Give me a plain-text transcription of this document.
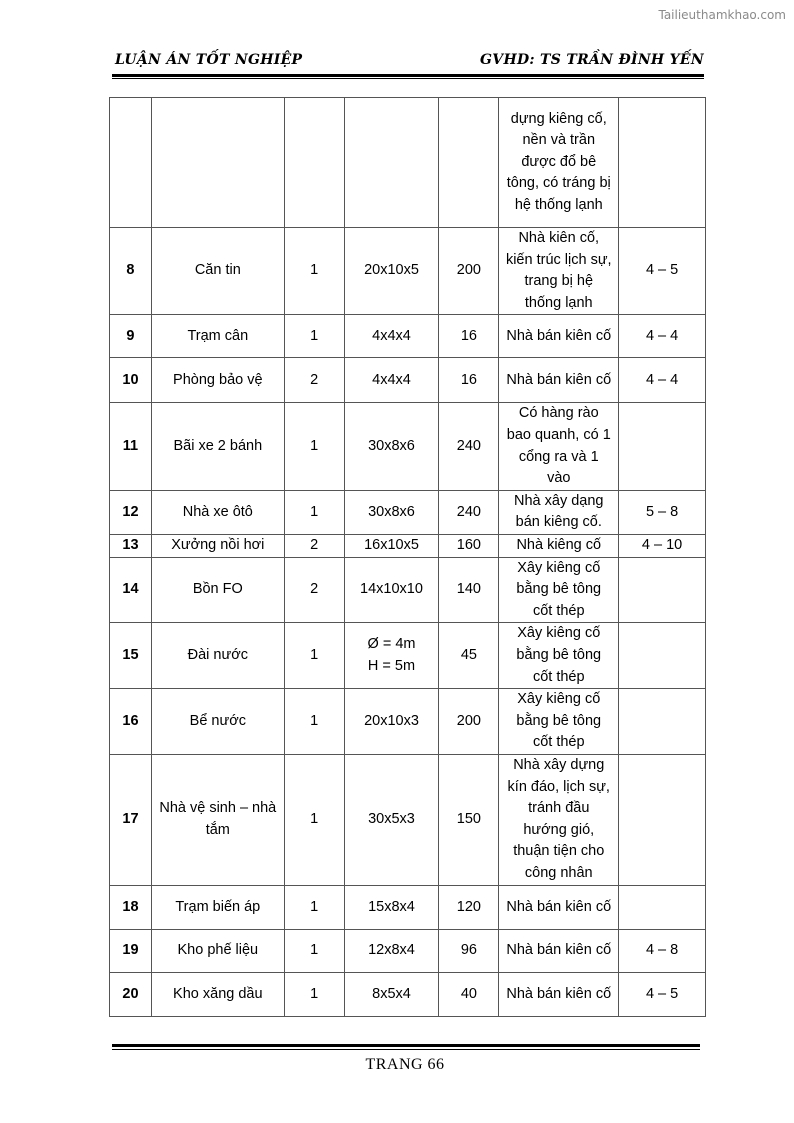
Tailieuthamkhao.com
LUẬN ÁN TỐT NGHIỆP	GVHD: TS TRẦN ĐÌNH YẾN
					dựng kiêng cố, nền và trần được đổ bê tông, có tráng bị hệ thống lạnh	
8	Căn tin	1	20x10x5	200	Nhà kiên cố, kiến trúc lịch sự, trang bị hệ thống lạnh	4 – 5
9	Trạm cân	1	4x4x4	16	Nhà bán kiên cố	4 – 4
10	Phòng bảo vệ	2	4x4x4	16	Nhà bán kiên cố	4 – 4
11	Bãi xe 2 bánh	1	30x8x6	240	Có hàng rào bao quanh, có 1 cổng ra và 1 vào	
12	Nhà xe ôtô	1	30x8x6	240	Nhà xây dạng bán kiêng cố.	5 – 8
13	Xưởng nồi hơi	2	16x10x5	160	Nhà kiêng cố	4 – 10
14	Bồn FO	2	14x10x10	140	Xây kiêng cố bằng bê tông cốt thép	
15	Đài nước	1	Ø = 4m
H = 5m	45	Xây kiêng cố bằng bê tông cốt thép	
16	Bể nước	1	20x10x3	200	Xây kiêng cố bằng bê tông cốt thép	
17	Nhà vệ sinh – nhà tắm	1	30x5x3	150	Nhà xây dựng kín đáo, lịch sự, tránh đầu hướng gió, thuận tiện cho công nhân	
18	Trạm biến áp	1	15x8x4	120	Nhà bán kiên cố	
19	Kho phế liệu	1	12x8x4	96	Nhà bán kiên cố	4 – 8
20	Kho xăng dầu	1	8x5x4	40	Nhà bán kiên cố	4 – 5
TRANG 66
